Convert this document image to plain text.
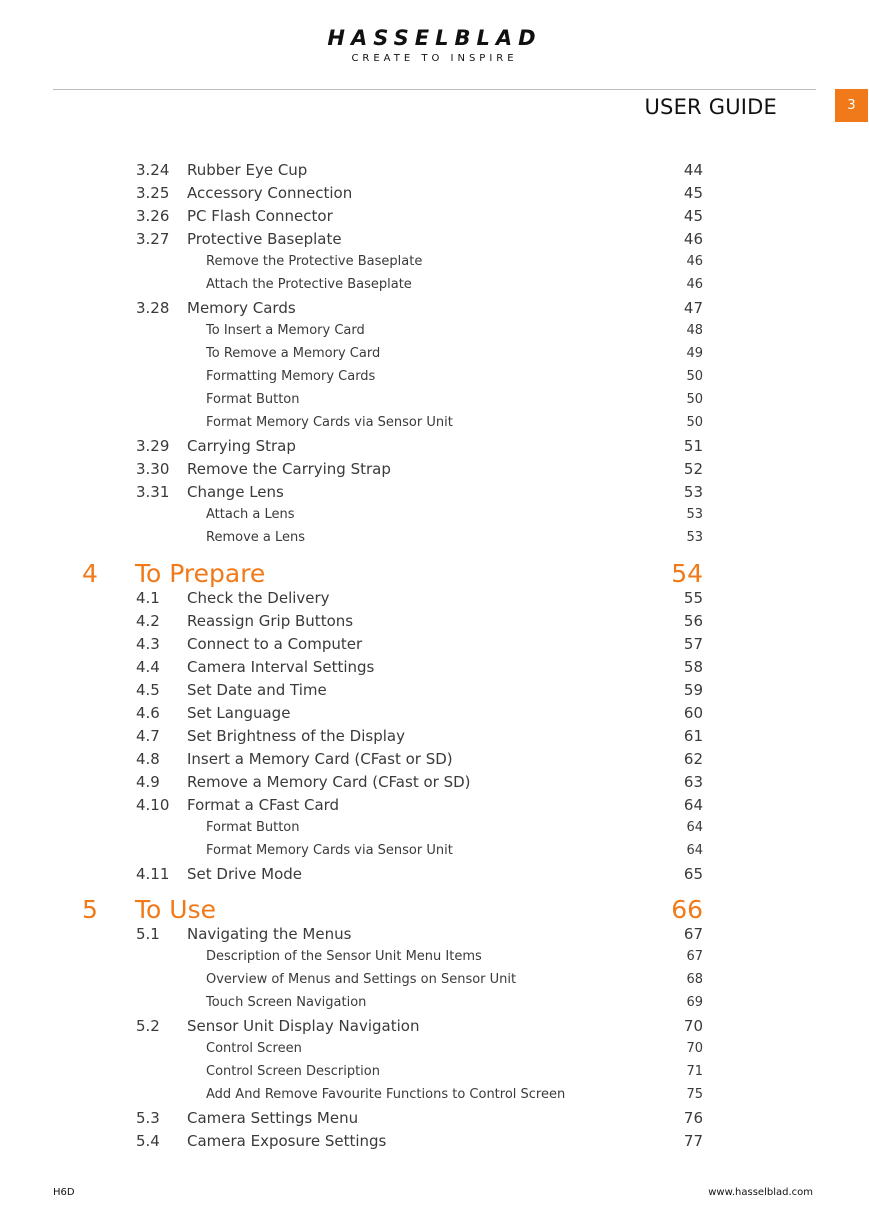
HASSELBLAD
CREATE TO INSPIRE
USER GUIDE	3
3.24 Rubber Eye Cup	44
3.25 Accessory Connection	45
3.26 PC Flash Connector	45
3.27 Protective Baseplate	46
Remove the Protective Baseplate	46
Attach the Protective Baseplate	46
3.28 Memory Cards	47
To Insert a Memory Card	48
To Remove a Memory Card	49
Formatting Memory Cards	50
Format Button	50
Format Memory Cards via Sensor Unit	50
3.29 Carrying Strap	51
3.30 Remove the Carrying Strap	52
3.31 Change Lens	53
Attach a Lens	53
Remove a Lens	53
4 To Prepare	54
4.1 Check the Delivery	55
4.2 Reassign Grip Buttons	56
4.3 Connect to a Computer	57
4.4 Camera Interval Settings	58
4.5 Set Date and Time	59
4.6 Set Language	60
4.7 Set Brightness of the Display	61
4.8 Insert a Memory Card (CFast or SD)	62
4.9 Remove a Memory Card (CFast or SD)	63
4.10 Format a CFast Card	64
Format Button	64
Format Memory Cards via Sensor Unit	64
4.11 Set Drive Mode	65
5 To Use	66
5.1 Navigating the Menus	67
Description of the Sensor Unit Menu Items	67
Overview of Menus and Settings on Sensor Unit	68
Touch Screen Navigation	69
5.2 Sensor Unit Display Navigation	70
Control Screen	70
Control Screen Description	71
Add And Remove Favourite Functions to Control Screen	75
5.3 Camera Settings Menu	76
5.4 Camera Exposure Settings	77
H6D	www.hasselblad.com
